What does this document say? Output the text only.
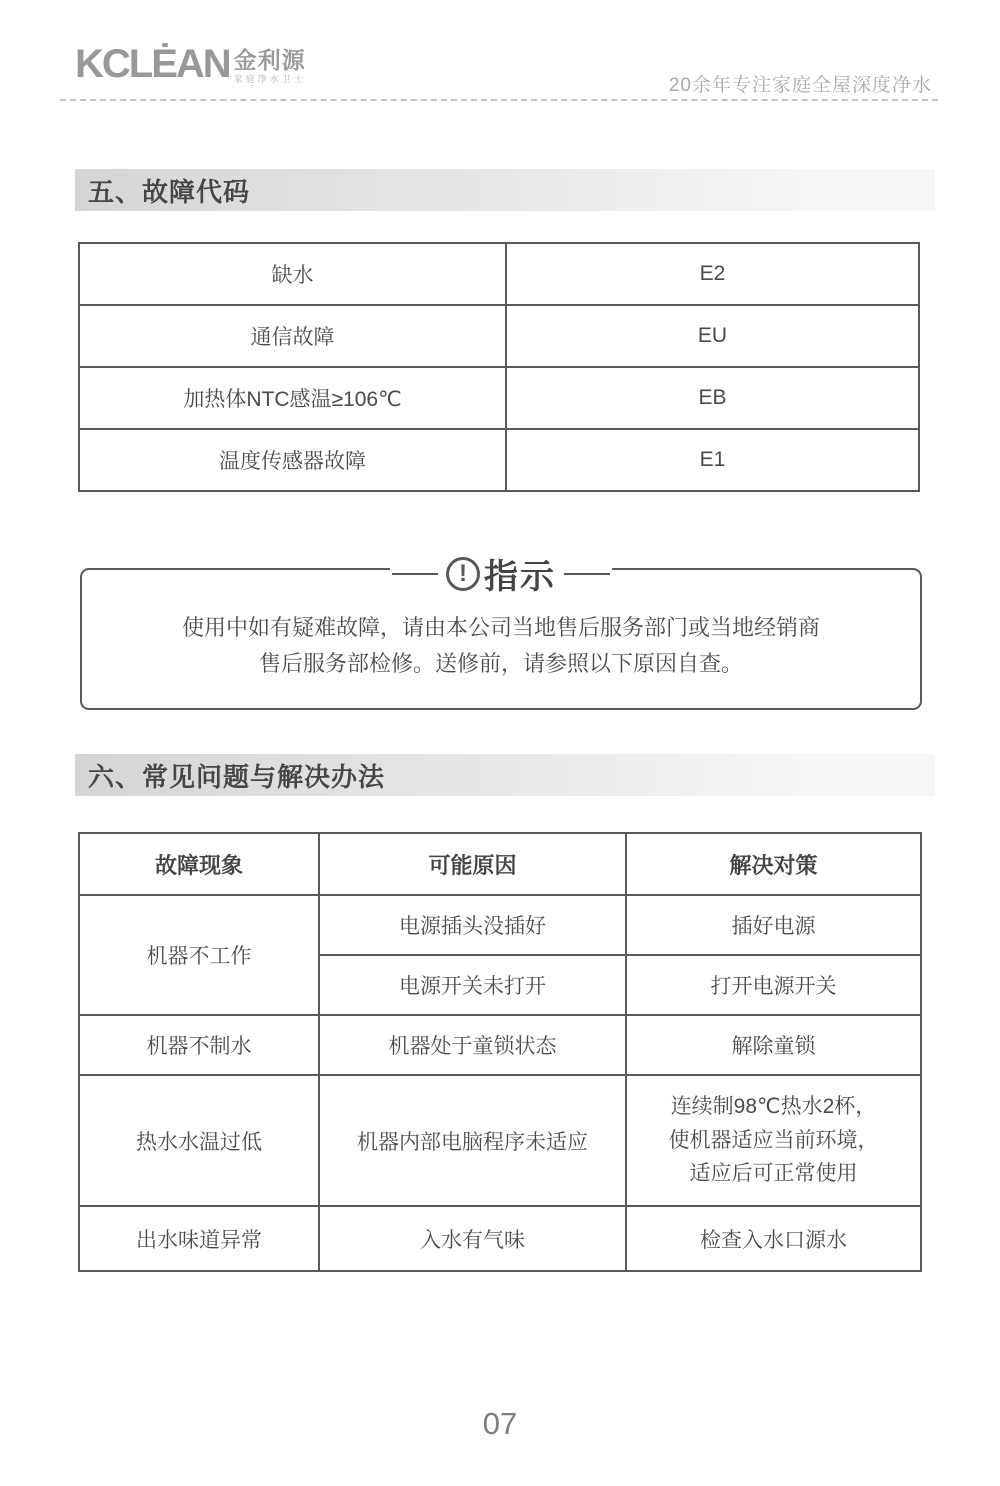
KCLĖAN 金利源
家庭净水卫士	20余年专注家庭全屋深度净水
五、故障代码
缺水	E2
通信故障	EU
加热体NTC感温≥106℃	EB
温度传感器故障	E1
! 指示

使用中如有疑难故障，请由本公司当地售后服务部门或当地经销商
售后服务部检修。送修前，请参照以下原因自查。

六、常见问题与解决办法
故障现象	可能原因	解决对策
机器不工作	电源插头没插好	插好电源
	电源开关未打开	打开电源开关
机器不制水	机器处于童锁状态	解除童锁
热水水温过低	机器内部电脑程序未适应	连续制98℃热水2杯，
使机器适应当前环境，
适应后可正常使用

出水味道异常	入水有气味	检查入水口源水
07
